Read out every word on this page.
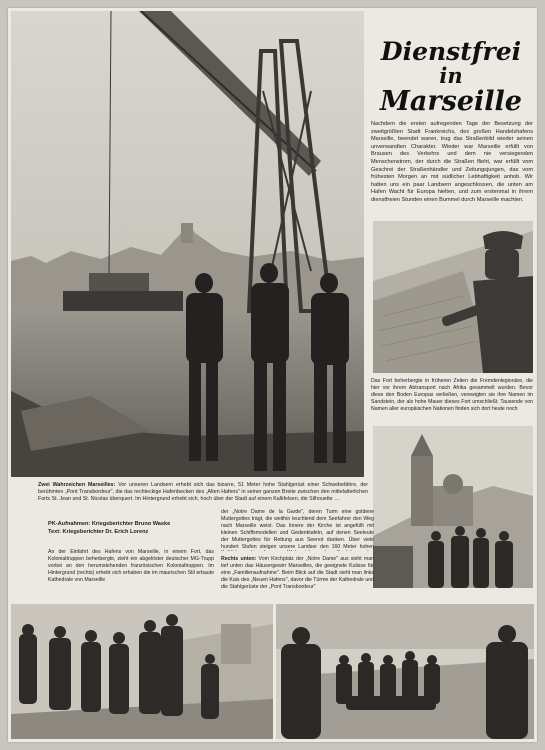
Dienstfrei
in
Marseille
Nachdem die ersten aufregenden Tage der Besetzung der zweitgrößten Stadt Frankreichs, des großen Handelshafens Marseille, beendet waren, trug das Straßenbild wieder seinen unverwandten Charakter. Wieder war Marseille erfüllt von Brausen des Verkehrs und dem nie versiegenden Menschenstrom, der durch die Straßen flieht, war erfüllt vom Geschrei der Straßenhändler und Zeitungsjungen, das vom frühesten Morgen an mit südlicher Lebhaftigkeit anhob. Wir hatten uns ein paar Landsern angeschlossen, die unten am Hafen Wacht für Europa hielten, und zum erstenmal in ihrem dienstfreien Stunden einen Bummel durch Marseille machten.
Das Fort beherbergte in früheren Zeiten die Fremdenlegionäre, die hier vor ihrem Abtransport nach Afrika gesammelt wurden. Bevor diese den Boden Europas verließen, verewigten sie ihre Namen im Sandstein, der als hohe Mauer dieses Fort umschließt. Tausende von Namen aller europäischen Nationen finden sich dort heute noch
Zwei Wahrzeichen Marseilles: Vor unseren Landsern erhebt sich das bizarre, 51 Meter hohe Stahlgerüst einer Schwebefähre, der berühmten „Pont Transbordeur", die das rechteckige Hafenbecken des „Alten Hafens" in seiner ganzen Breite zwischen den mittelalterlichen Forts St. Jean und St. Nicolas überquert. Im Hintergrund erhebt sich, hoch über der Stadt auf einem Kalkfelsen, die Silhouette …
PK-Aufnahmen: Kriegsberichter Bruno Waske
Text: Kriegsberichter Dr. Erich Lorenz
An der Einfahrt des Hafens von Marseille, in einem Fort, das Kolonialtruppen beherbergte, zieht ein abgelöster deutscher MG-Trupp vorbei an den herumstehenden französischen Kolonialtruppen. Im Hintergrund (rechts) erhebt sich erhaben die im maurischen Stil erbaute Kathedrale von Marseille
der „Notre Dame de la Garde", deren Turm eine goldene Muttergottes trägt, die weithin leuchtend dem Seefahrer den Weg nach Marseille weist. Das Innere der Kirche ist angefüllt mit kleinen Schiffsmodellen und Gedenktafeln, auf denen Seeleute der Muttergottes für Rettung aus Seenot danken. Über viele hundert Stufen steigen unsere Landser den 160 Meter hohen
Rechts unten: Vom Kirchplatz der „Notre Dame" aus sieht man tief unten das Häusergewirr Marseilles, die geeignete Kulisse für eine „Familienaufnahme". Beim Blick auf die Stadt sieht man links die Kais des „Neuen Hafens", davor die Türme der Kathedrale und die Stahlgerüste der „Pont Transbordeur"
